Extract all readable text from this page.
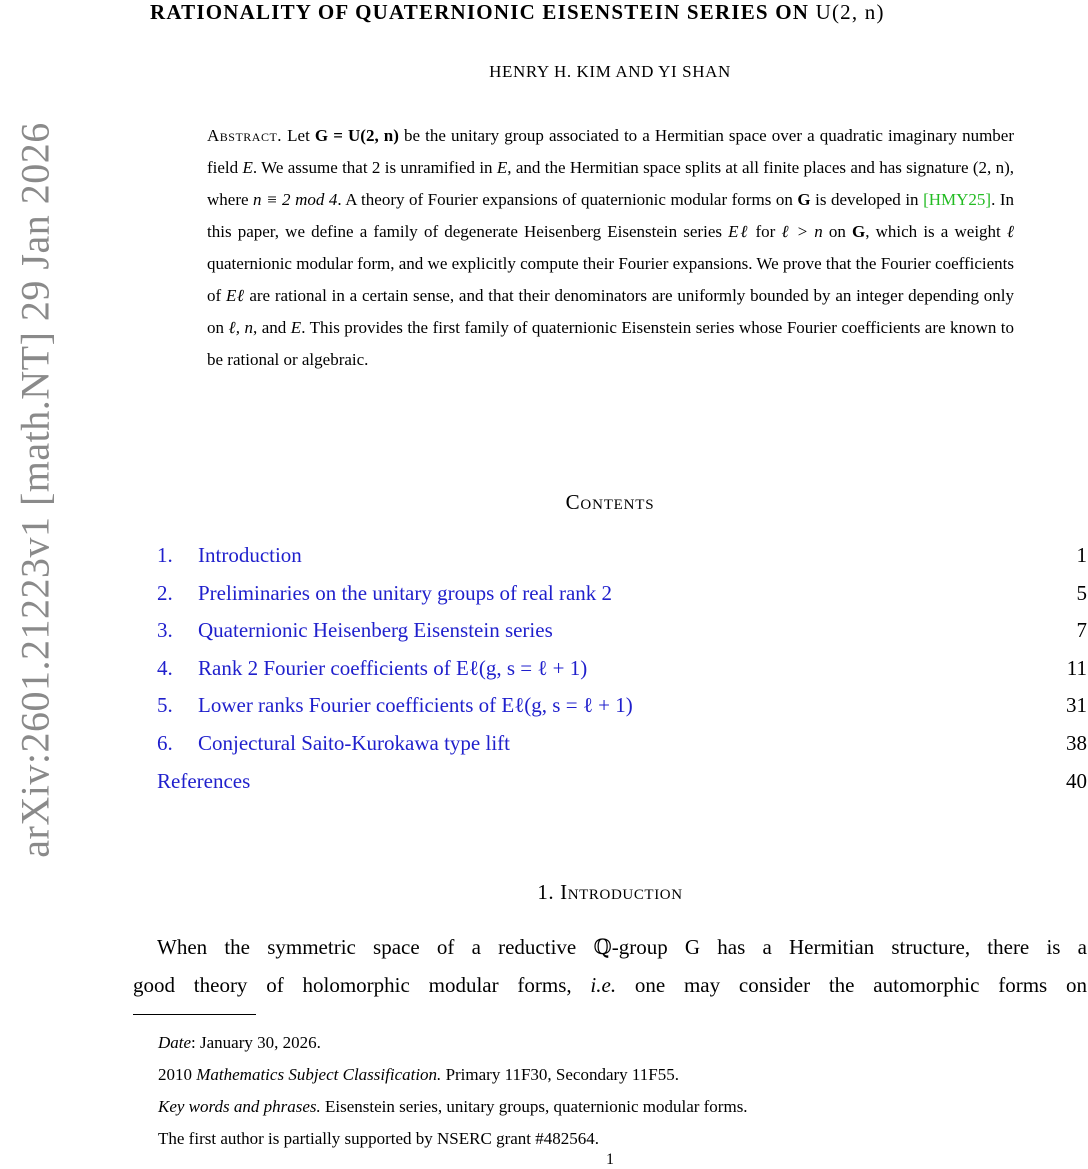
arXiv:2601.21223v1 [math.NT] 29 Jan 2026
RATIONALITY OF QUATERNIONIC EISENSTEIN SERIES ON U(2, n)
HENRY H. KIM AND YI SHAN
Abstract. Let G = U(2, n) be the unitary group associated to a Hermitian space over a quadratic imaginary number field E. We assume that 2 is unramified in E, and the Hermitian space splits at all finite places and has signature (2, n), where n ≡ 2 mod 4. A theory of Fourier expansions of quaternionic modular forms on G is developed in [HMY25]. In this paper, we define a family of degenerate Heisenberg Eisenstein series Eℓ for ℓ > n on G, which is a weight ℓ quaternionic modular form, and we explicitly compute their Fourier expansions. We prove that the Fourier coefficients of Eℓ are rational in a certain sense, and that their denominators are uniformly bounded by an integer depending only on ℓ, n, and E. This provides the first family of quaternionic Eisenstein series whose Fourier coefficients are known to be rational or algebraic.
Contents
1. Introduction	1
2. Preliminaries on the unitary groups of real rank 2	5
3. Quaternionic Heisenberg Eisenstein series	7
4. Rank 2 Fourier coefficients of Eℓ(g, s = ℓ + 1)	11
5. Lower ranks Fourier coefficients of Eℓ(g, s = ℓ + 1)	31
6. Conjectural Saito-Kurokawa type lift	38
References	40
1. Introduction
When the symmetric space of a reductive ℚ-group G has a Hermitian structure, there is a
good theory of holomorphic modular forms, i.e. one may consider the automorphic forms on
Date: January 30, 2026.
2010 Mathematics Subject Classification. Primary 11F30, Secondary 11F55.
Key words and phrases. Eisenstein series, unitary groups, quaternionic modular forms.
The first author is partially supported by NSERC grant #482564.
1
